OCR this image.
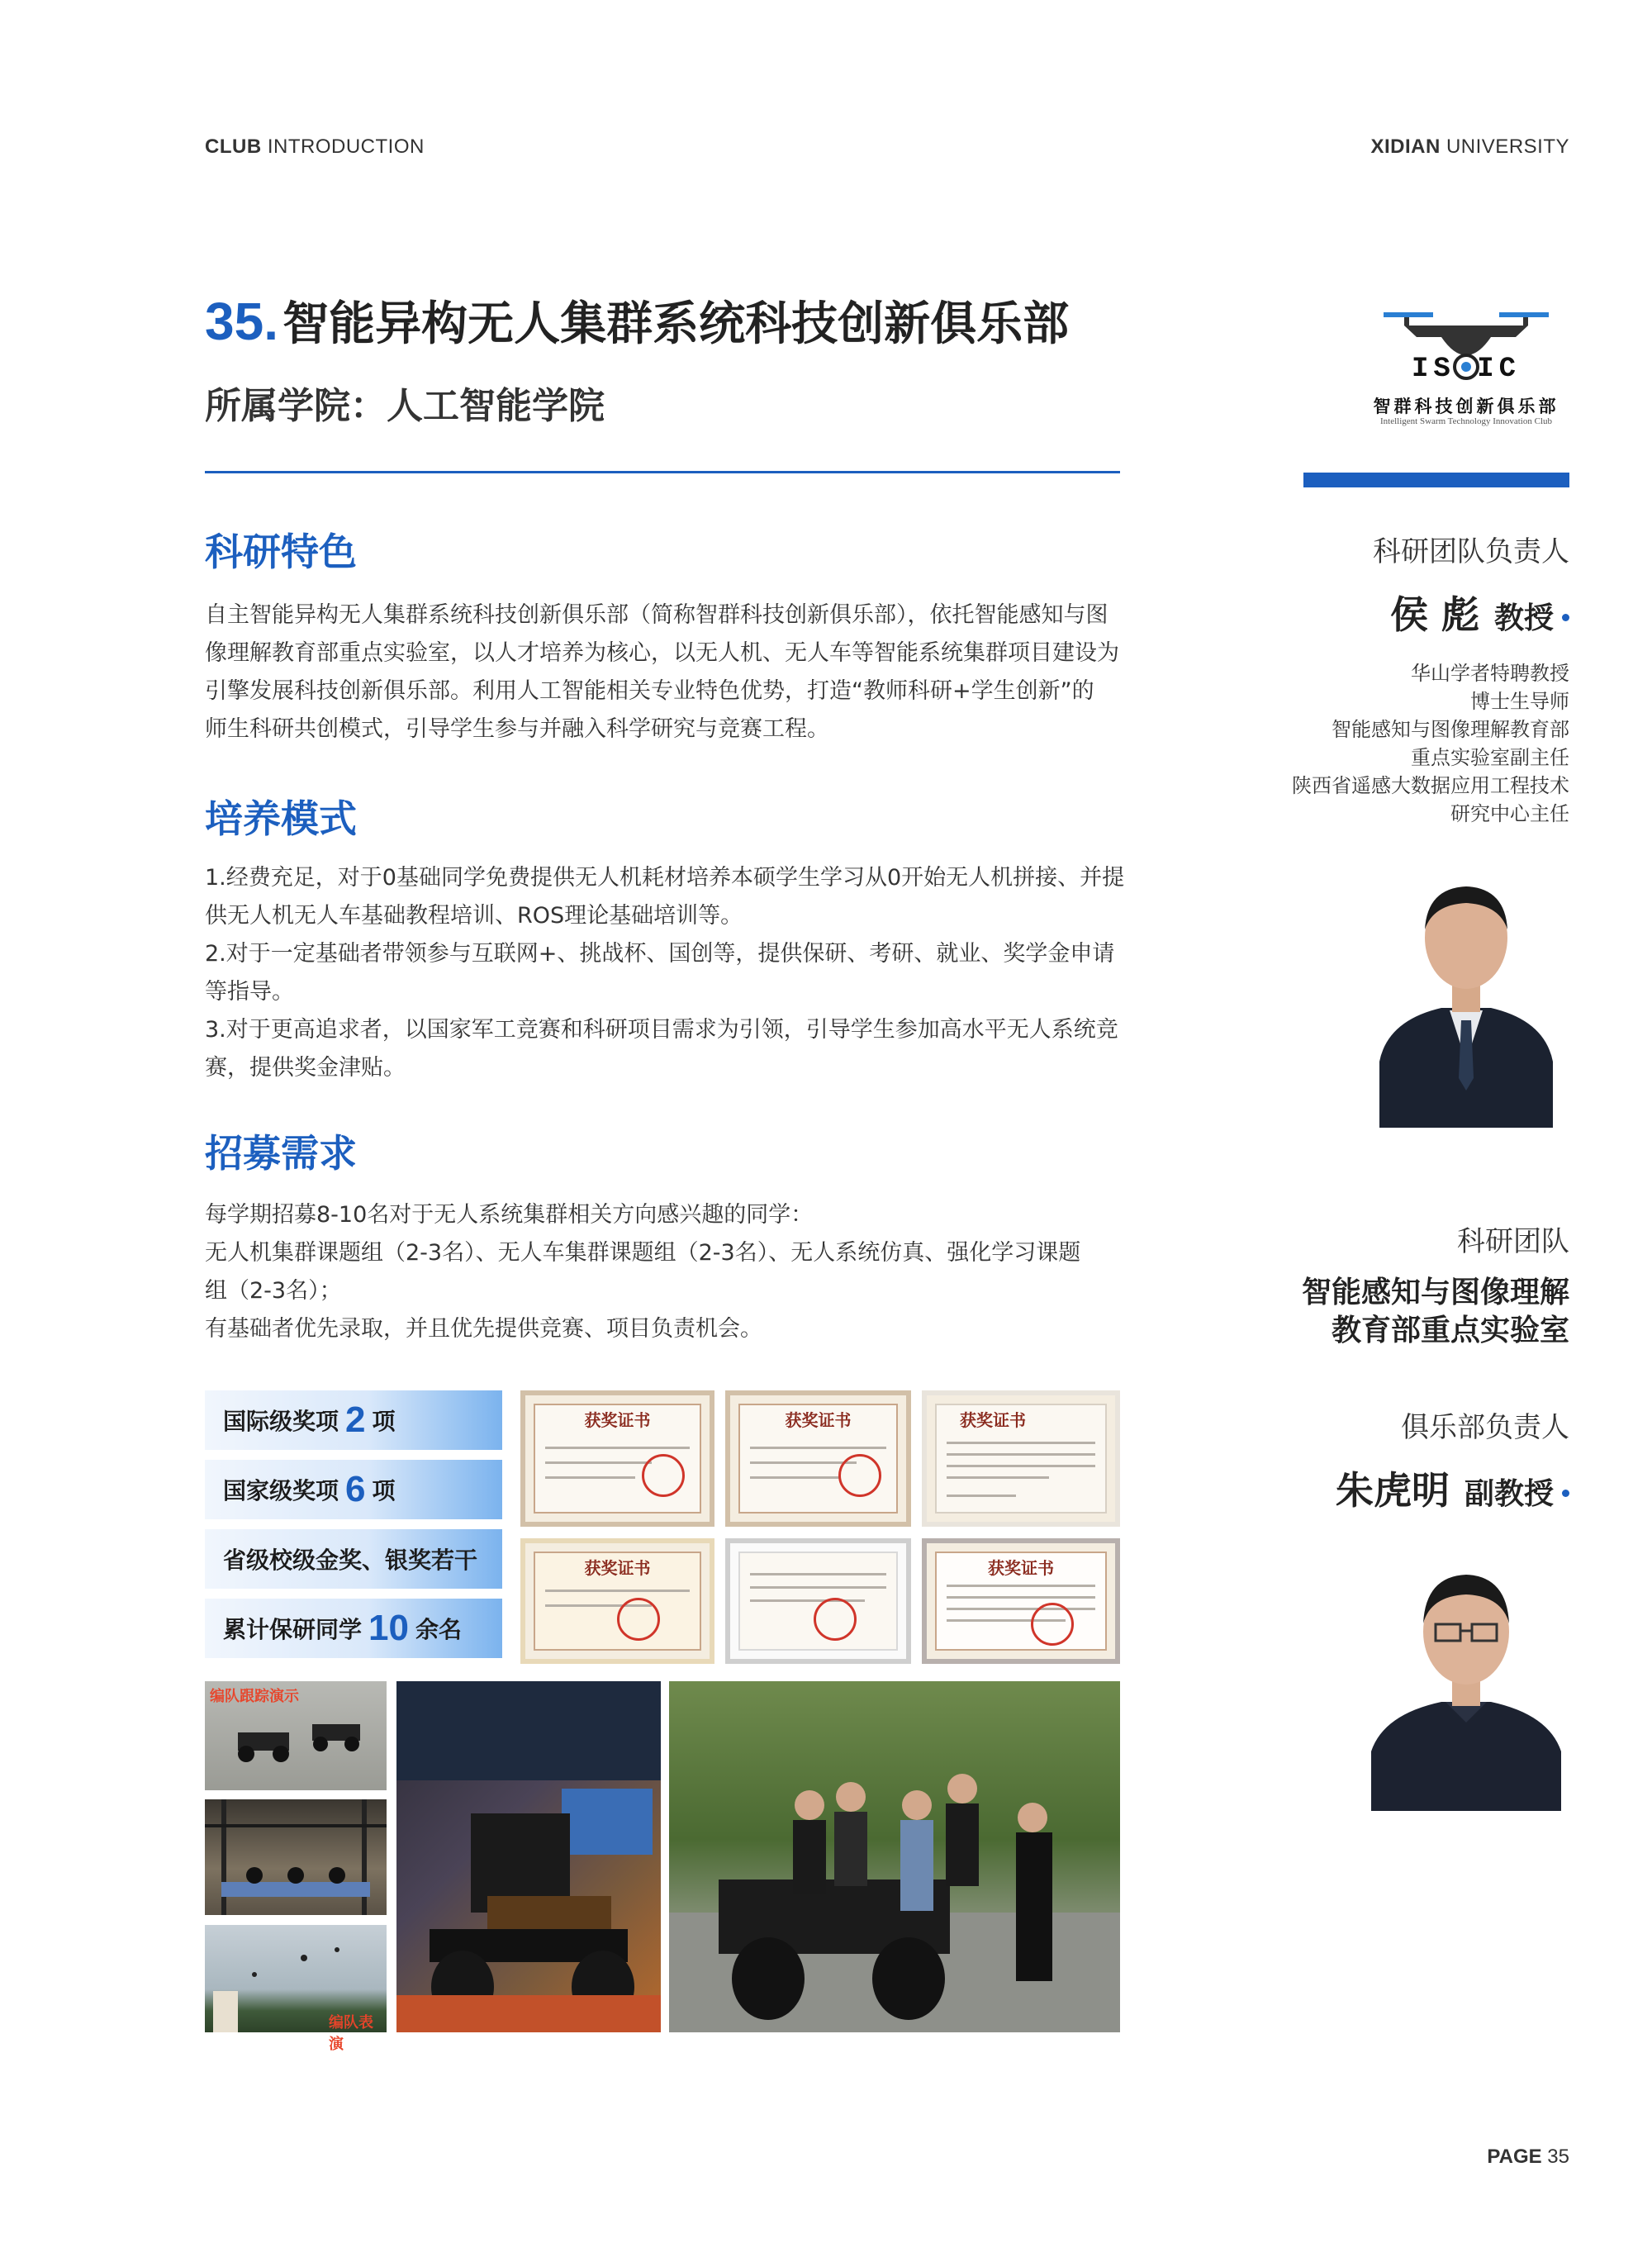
CLUB INTRODUCTION	XIDIAN UNIVERSITY
35. 智能异构无人集群系统科技创新俱乐部
所属学院：人工智能学院
IS IC
智群科技创新俱乐部
Intelligent Swarm Technology Innovation Club
科研特色

自主智能异构无人集群系统科技创新俱乐部（简称智群科技创新俱乐部），依托智能感知与图

像理解教育部重点实验室，以人才培养为核心，以无人机、无人车等智能系统集群项目建设为

引擎发展科技创新俱乐部。利用人工智能相关专业特色优势，打造“教师科研+学生创新”的

师生科研共创模式，引导学生参与并融入科学研究与竞赛工程。

培养模式

1.经费充足，对于0基础同学免费提供无人机耗材培养本硕学生学习从0开始无人机拼接、并提

供无人机无人车基础教程培训、ROS理论基础培训等。

2.对于一定基础者带领参与互联网+、挑战杯、国创等，提供保研、考研、就业、奖学金申请

等指导。

3.对于更高追求者，以国家军工竞赛和科研项目需求为引领，引导学生参加高水平无人系统竞

赛，提供奖金津贴。

招募需求

每学期招募8-10名对于无人系统集群相关方向感兴趣的同学：

无人机集群课题组（2-3名）、无人车集群课题组（2-3名）、无人系统仿真、强化学习课题

组（2-3名）；

有基础者优先录取，并且优先提供竞赛、项目负责机会。

国际级奖项 2 项
国家级奖项 6 项
省级校级金奖、银奖若干
累计保研同学 10 余名
获奖证书	获奖证书	获奖证书
获奖证书	获奖证书
编队跟踪演示
编队表演
科研团队负责人
侯 彪 教授
华山学者特聘教授
博士生导师
智能感知与图像理解教育部
重点实验室副主任
陕西省遥感大数据应用工程技术
研究中心主任
科研团队
智能感知与图像理解
教育部重点实验室
俱乐部负责人
朱虎明 副教授
PAGE 35
